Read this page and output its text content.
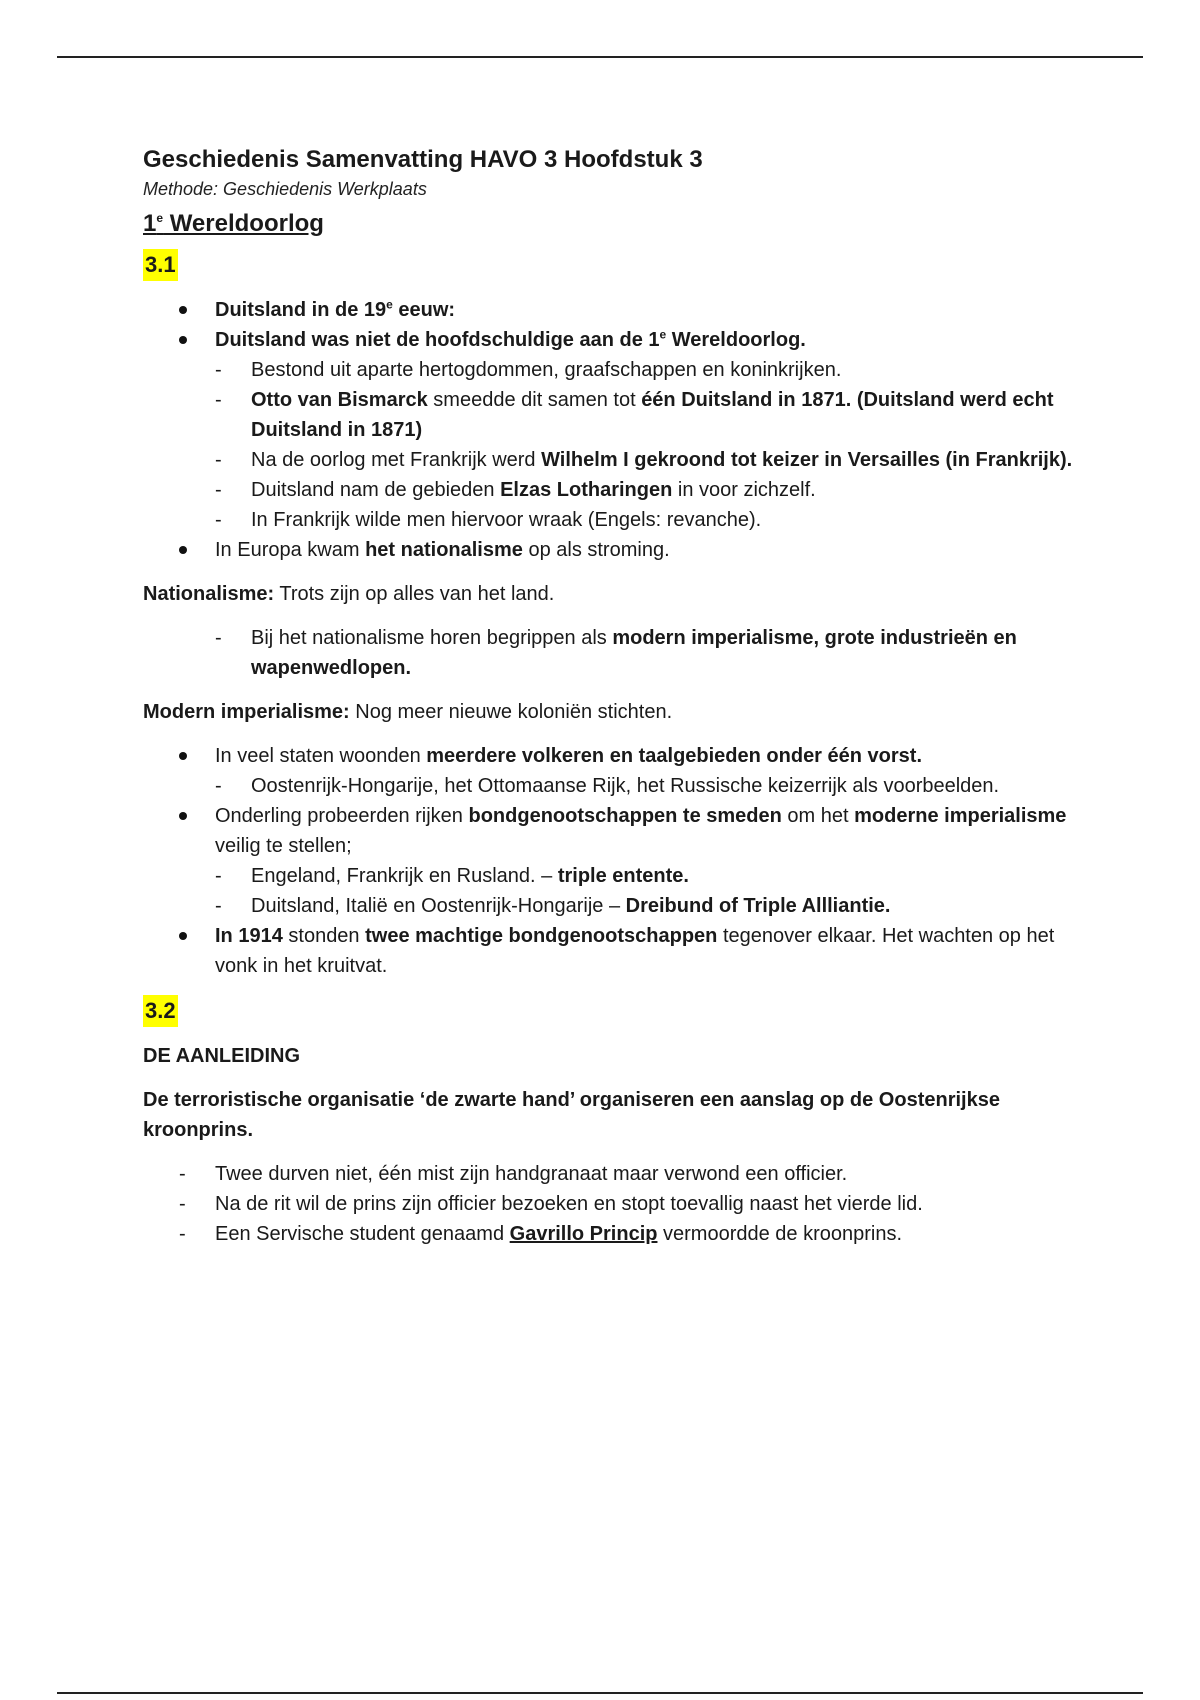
Geschiedenis Samenvatting HAVO 3 Hoofdstuk 3

Methode: Geschiedenis Werkplaats

1e Wereldoorlog

3.1
Duitsland in de 19e eeuw:
Duitsland was niet de hoofdschuldige aan de 1e Wereldoorlog.
- Bestond uit aparte hertogdommen, graafschappen en koninkrijken.
- Otto van Bismarck smeedde dit samen tot één Duitsland in 1871. (Duitsland werd echt Duitsland in 1871)
- Na de oorlog met Frankrijk werd Wilhelm I gekroond tot keizer in Versailles (in Frankrijk).
- Duitsland nam de gebieden Elzas Lotharingen in voor zichzelf.
- In Frankrijk wilde men hiervoor wraak (Engels: revanche).
In Europa kwam het nationalisme op als stroming.

Nationalisme: Trots zijn op alles van het land.

- Bij het nationalisme horen begrippen als modern imperialisme, grote industrieën en wapenwedlopen.

Modern imperialisme: Nog meer nieuwe koloniën stichten.

In veel staten woonden meerdere volkeren en taalgebieden onder één vorst.
- Oostenrijk-Hongarije, het Ottomaanse Rijk, het Russische keizerrijk als voorbeelden.
Onderling probeerden rijken bondgenootschappen te smeden om het moderne imperialisme veilig te stellen;
- Engeland, Frankrijk en Rusland. – triple entente.
- Duitsland, Italië en Oostenrijk-Hongarije – Dreibund of Triple Allliantie.
In 1914 stonden twee machtige bondgenootschappen tegenover elkaar. Het wachten op het vonk in het kruitvat.
3.2

DE AANLEIDING

De terroristische organisatie ‘de zwarte hand’ organiseren een aanslag op de Oostenrijkse kroonprins.

- Twee durven niet, één mist zijn handgranaat maar verwond een officier.
- Na de rit wil de prins zijn officier bezoeken en stopt toevallig naast het vierde lid.
- Een Servische student genaamd Gavrillo Princip vermoordde de kroonprins.
